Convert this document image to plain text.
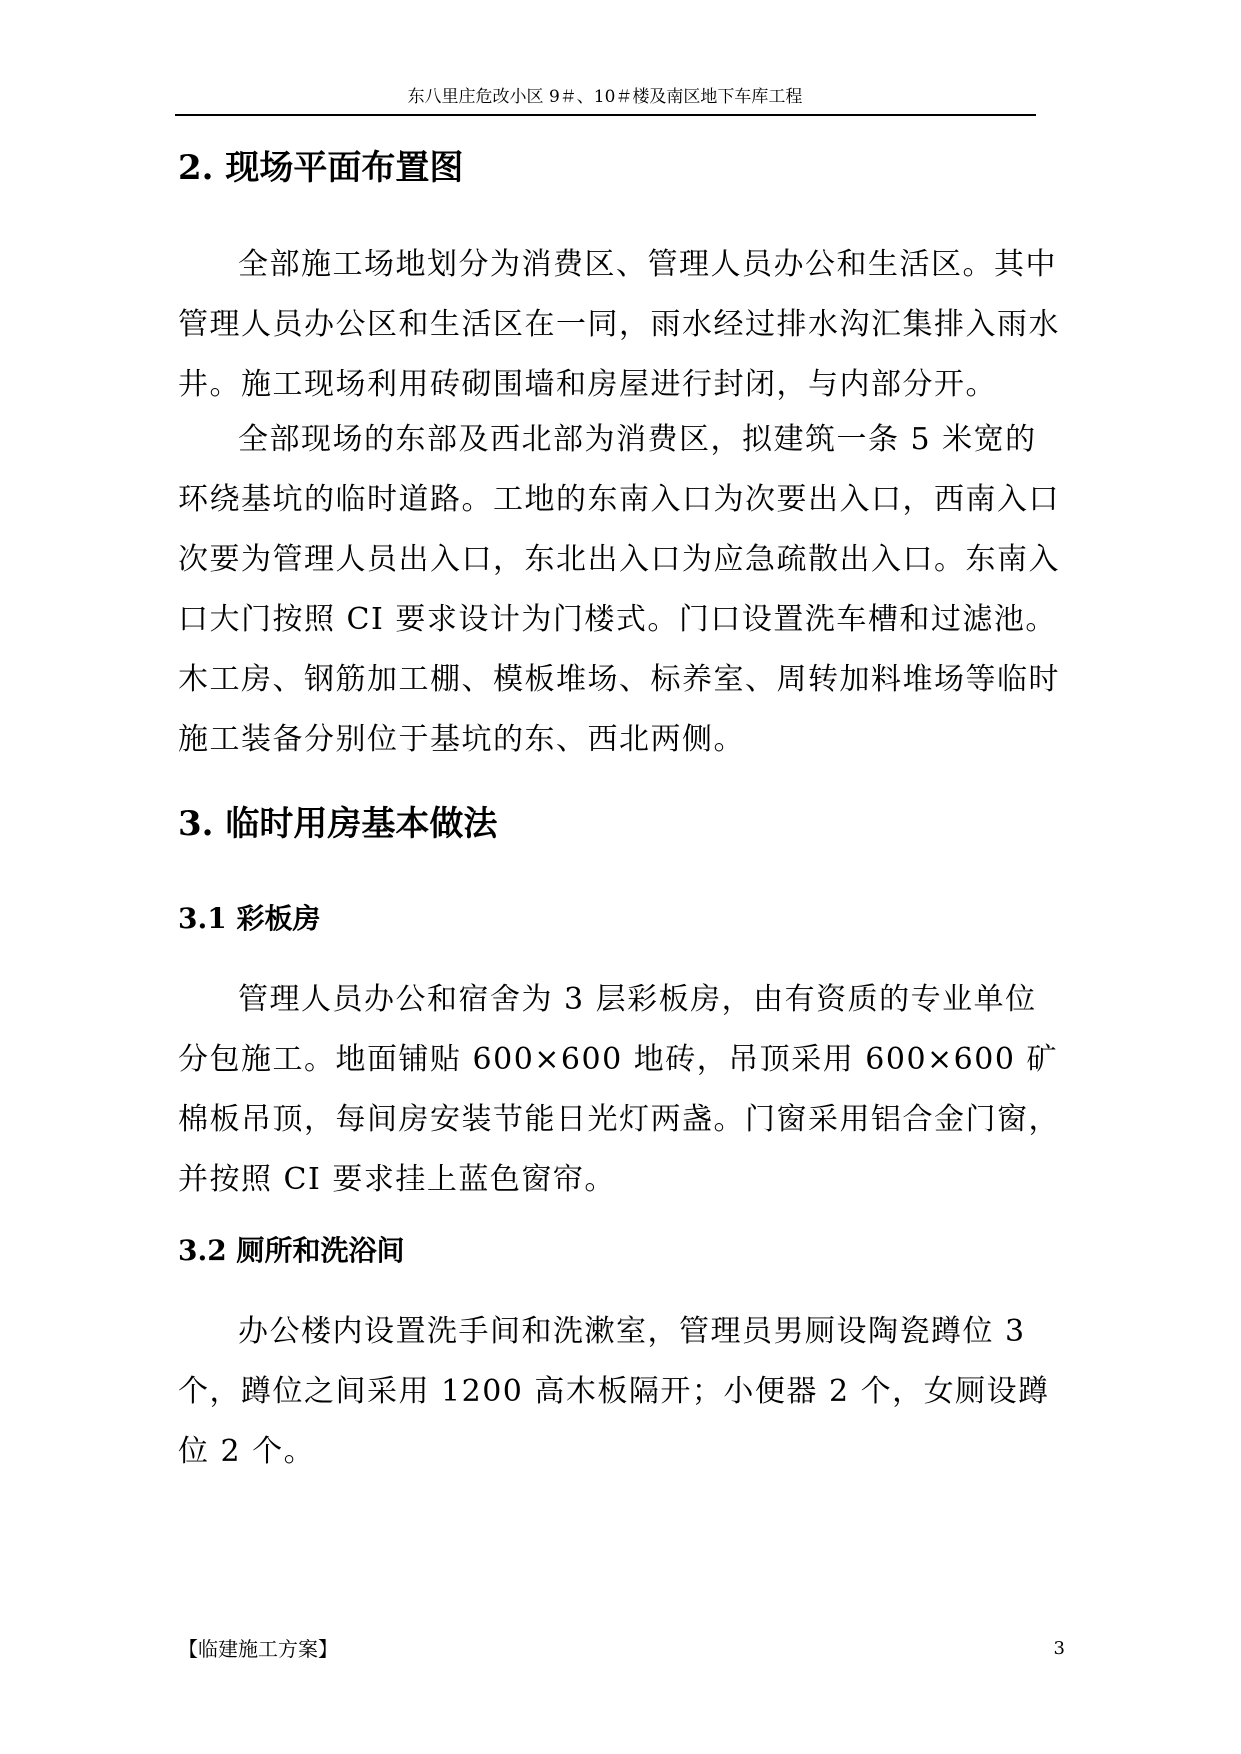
东八里庄危改小区 9＃、10＃楼及南区地下车库工程
2. 现场平面布置图

全部施工场地划分为消费区、管理人员办公和生活区。其中管理人员办公区和生活区在一同，雨水经过排水沟汇集排入雨水井。施工现场利用砖砌围墙和房屋进行封闭，与内部分开。

全部现场的东部及西北部为消费区，拟建筑一条 5 米宽的环绕基坑的临时道路。工地的东南入口为次要出入口，西南入口次要为管理人员出入口，东北出入口为应急疏散出入口。东南入口大门按照 CI 要求设计为门楼式。门口设置洗车槽和过滤池。木工房、钢筋加工棚、模板堆场、标养室、周转加料堆场等临时施工装备分别位于基坑的东、西北两侧。

3. 临时用房基本做法
3.1 彩板房

管理人员办公和宿舍为 3 层彩板房，由有资质的专业单位分包施工。地面铺贴 600×600 地砖，吊顶采用 600×600 矿棉板吊顶，每间房安装节能日光灯两盏。门窗采用铝合金门窗，并按照 CI 要求挂上蓝色窗帘。

3.2 厕所和洗浴间

办公楼内设置洗手间和洗漱室，管理员男厕设陶瓷蹲位 3 个，蹲位之间采用 1200 高木板隔开；小便器 2 个，女厕设蹲位 2 个。

【临建施工方案】	3
